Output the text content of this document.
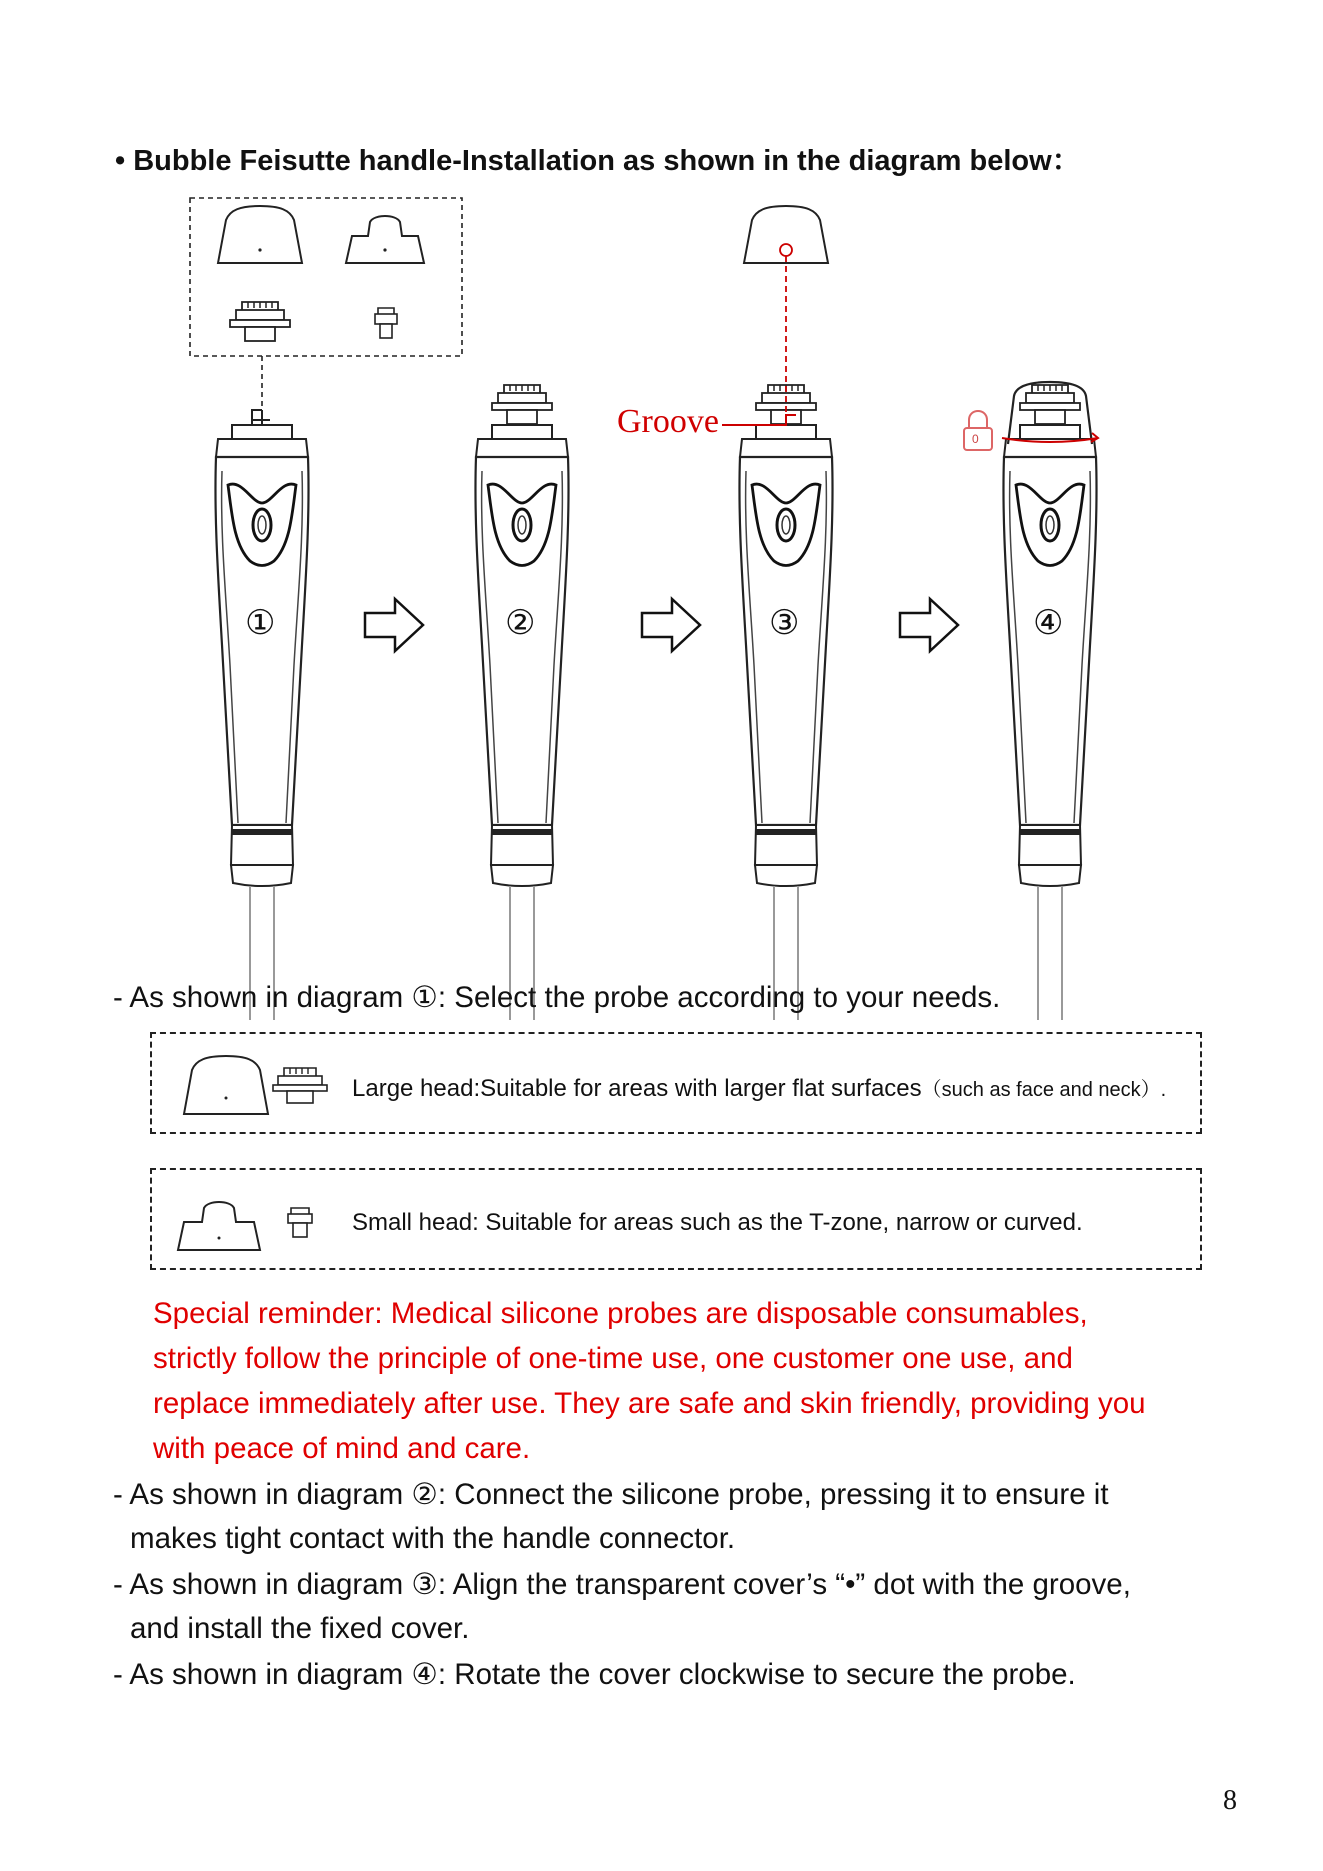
• Bubble Feisutte handle-Installation as shown in the diagram below：
Groove	0
①	②	③	④
- As shown in diagram ①: Select the probe according to your needs.
Large head:Suitable for areas with larger flat surfaces（such as face and neck）.
Small head: Suitable for areas such as the T-zone, narrow or curved.
Special reminder: Medical silicone probes are disposable consumables,
strictly follow the principle of one-time use, one customer one use, and
replace immediately after use. They are safe and skin friendly, providing you
with peace of mind and care.
- As shown in diagram ②: Connect the silicone probe, pressing it to ensure it
makes tight contact with the handle connector.
- As shown in diagram ③: Align the transparent cover’s “•” dot with the groove,
and install the fixed cover.
- As shown in diagram ④: Rotate the cover clockwise to secure the probe.
8
